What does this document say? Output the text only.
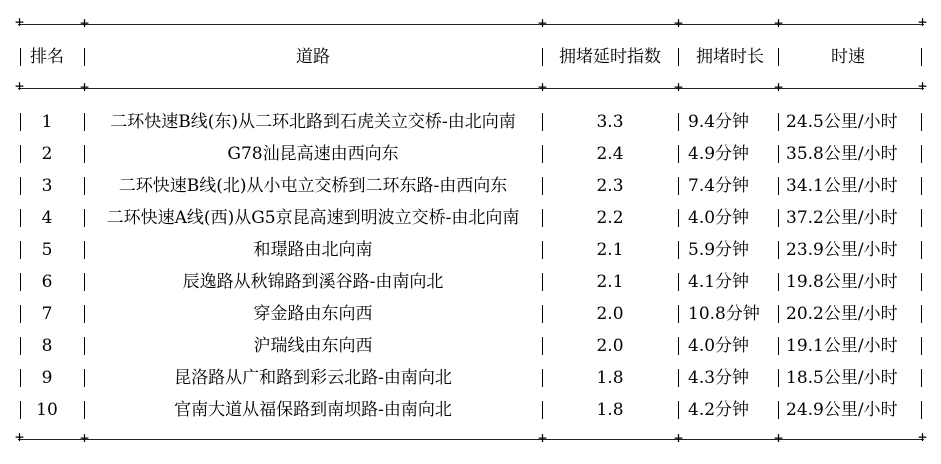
+ +
+ +
+ +
排名	道路	拥堵延时指数	拥堵时长	时速
1	二环快速B线(东)从二环北路到石虎关立交桥-由北向南	3.3	9.4分钟	24.5公里/小时
2	G78汕昆高速由西向东	2.4	4.9分钟	35.8公里/小时
3	二环快速B线(北)从小屯立交桥到二环东路-由西向东	2.3	7.4分钟	34.1公里/小时
4	二环快速A线(西)从G5京昆高速到明波立交桥-由北向南	2.2	4.0分钟	37.2公里/小时
5	和璟路由北向南	2.1	5.9分钟	23.9公里/小时
6	辰逸路从秋锦路到溪谷路-由南向北	2.1	4.1分钟	19.8公里/小时
7	穿金路由东向西	2.0	10.8分钟	20.2公里/小时
8	沪瑞线由东向西	2.0	4.0分钟	19.1公里/小时
9	昆洛路从广和路到彩云北路-由南向北	1.8	4.3分钟	18.5公里/小时
10	官南大道从福保路到南坝路-由南向北	1.8	4.2分钟	24.9公里/小时
+	+	+	+
+	+	+	+
+	+	+	+
